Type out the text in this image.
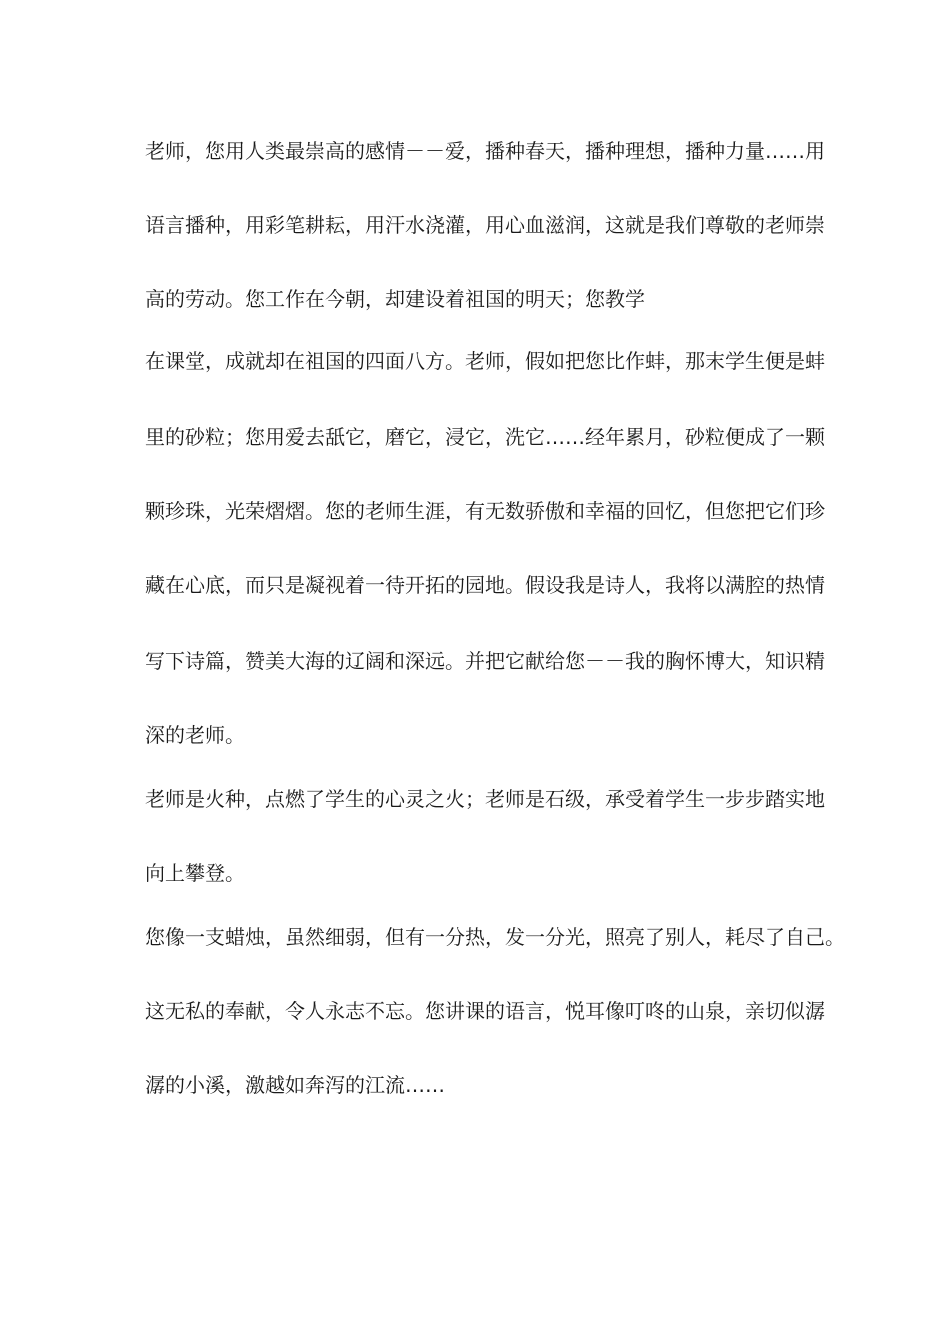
老师，您用人类最崇高的感情－－爱，播种春天，播种理想，播种力量……用
语言播种，用彩笔耕耘，用汗水浇灌，用心血滋润，这就是我们尊敬的老师崇
高的劳动。您工作在今朝，却建设着祖国的明天；您教学
在课堂，成就却在祖国的四面八方。老师，假如把您比作蚌，那末学生便是蚌
里的砂粒；您用爱去舐它，磨它，浸它，洗它……经年累月，砂粒便成了一颗
颗珍珠，光荣熠熠。您的老师生涯，有无数骄傲和幸福的回忆，但您把它们珍
藏在心底，而只是凝视着一待开拓的园地。假设我是诗人，我将以满腔的热情
写下诗篇，赞美大海的辽阔和深远。并把它献给您－－我的胸怀博大，知识精
深的老师。
老师是火种，点燃了学生的心灵之火；老师是石级，承受着学生一步步踏实地
向上攀登。
您像一支蜡烛，虽然细弱，但有一分热，发一分光，照亮了别人，耗尽了自己。
这无私的奉献，令人永志不忘。您讲课的语言，悦耳像叮咚的山泉，亲切似潺
潺的小溪，激越如奔泻的江流……
